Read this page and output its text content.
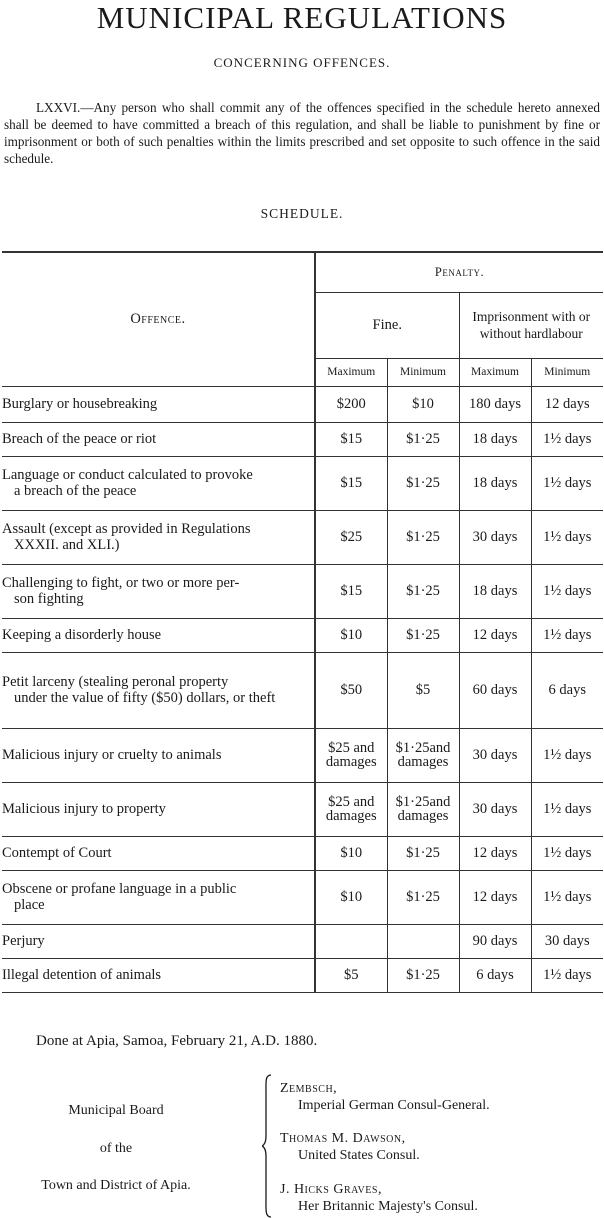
MUNICIPAL REGULATIONS
CONCERNING OFFENCES.
LXXVI.—Any person who shall commit any of the offences specified in the schedule hereto annexed shall be deemed to have committed a breach of this regulation, and shall be liable to punishment by fine or imprisonment or both of such penalties within the limits prescribed and set opposite to such offence in the said schedule.
SCHEDULE.
Offence.	Penalty.			
	Fine.		Imprisonment with or without hardlabour	
	Maximum	Minimum	Maximum	Minimum
Burglary or housebreaking	$200	$10	180 days	12 days
Breach of the peace or riot	$15	$1·25	18 days	1½ days
Language or conduct calculated to provoke
a breach of the peace	$15	$1·25	18 days	1½ days
Assault (except as provided in Regulations
XXXII. and XLI.)	$25	$1·25	30 days	1½ days
Challenging to fight, or two or more per-
son fighting	$15	$1·25	18 days	1½ days
Keeping a disorderly house	$10	$1·25	12 days	1½ days
Petit larceny (stealing peronal property
under the value of fifty ($50) dollars, or theft	$50	$5	60 days	6 days
Malicious injury or cruelty to animals	$25 and damages	$1·25and damages	30 days	1½ days
Malicious injury to property	$25 and damages	$1·25and damages	30 days	1½ days
Contempt of Court	$10	$1·25	12 days	1½ days
Obscene or profane language in a public
place	$10	$1·25	12 days	1½ days
Perjury			90 days	30 days
Illegal detention of animals	$5	$1·25	6 days	1½ days
Done at Apia, Samoa, February 21, A.D. 1880.
Municipal Board
of the
Town and District of Apia.
Zembsch,
Imperial German Consul-General.
Thomas M. Dawson,
United States Consul.
J. Hicks Graves,
Her Britannic Majesty's Consul.
